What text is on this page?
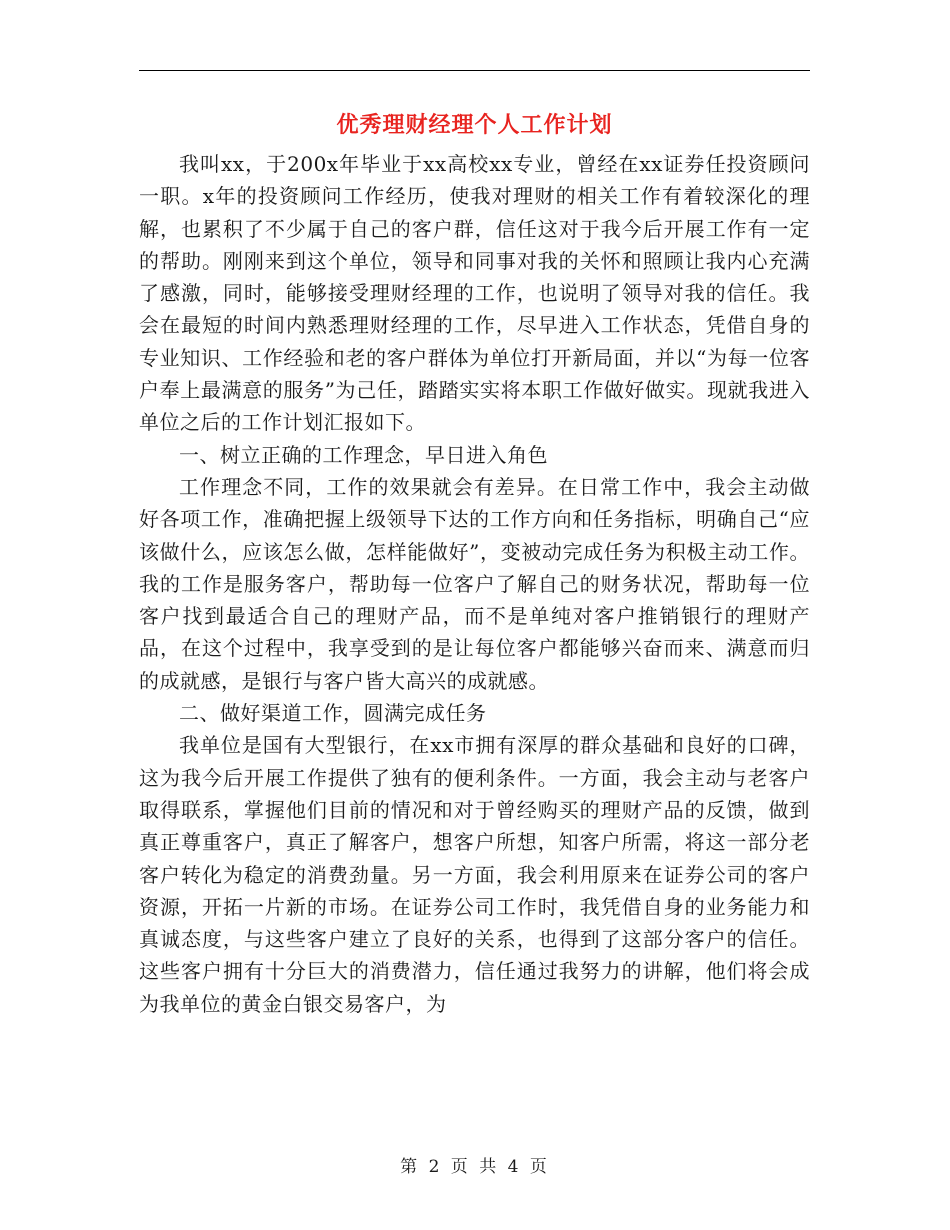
优秀理财经理个人工作计划

我叫xx，于200x年毕业于xx高校xx专业，曾经在xx证券任投资顾问一职。x年的投资顾问工作经历，使我对理财的相关工作有着较深化的理解，也累积了不少属于自己的客户群，信任这对于我今后开展工作有一定的帮助。刚刚来到这个单位，领导和同事对我的关怀和照顾让我内心充满了感激，同时，能够接受理财经理的工作，也说明了领导对我的信任。我会在最短的时间内熟悉理财经理的工作，尽早进入工作状态，凭借自身的专业知识、工作经验和老的客户群体为单位打开新局面，并以“为每一位客户奉上最满意的服务”为己任，踏踏实实将本职工作做好做实。现就我进入单位之后的工作计划汇报如下。

一、树立正确的工作理念，早日进入角色

工作理念不同，工作的效果就会有差异。在日常工作中，我会主动做好各项工作，准确把握上级领导下达的工作方向和任务指标，明确自己“应该做什么，应该怎么做，怎样能做好”，变被动完成任务为积极主动工作。我的工作是服务客户，帮助每一位客户了解自己的财务状况，帮助每一位客户找到最适合自己的理财产品，而不是单纯对客户推销银行的理财产品，在这个过程中，我享受到的是让每位客户都能够兴奋而来、满意而归的成就感，是银行与客户皆大高兴的成就感。

二、做好渠道工作，圆满完成任务

我单位是国有大型银行，在xx市拥有深厚的群众基础和良好的口碑，这为我今后开展工作提供了独有的便利条件。一方面，我会主动与老客户取得联系，掌握他们目前的情况和对于曾经购买的理财产品的反馈，做到真正尊重客户，真正了解客户，想客户所想，知客户所需，将这一部分老客户转化为稳定的消费劲量。另一方面，我会利用原来在证券公司的客户资源，开拓一片新的市场。在证券公司工作时，我凭借自身的业务能力和真诚态度，与这些客户建立了良好的关系，也得到了这部分客户的信任。这些客户拥有十分巨大的消费潜力，信任通过我努力的讲解，他们将会成为我单位的黄金白银交易客户，为

第 2 页 共 4 页
